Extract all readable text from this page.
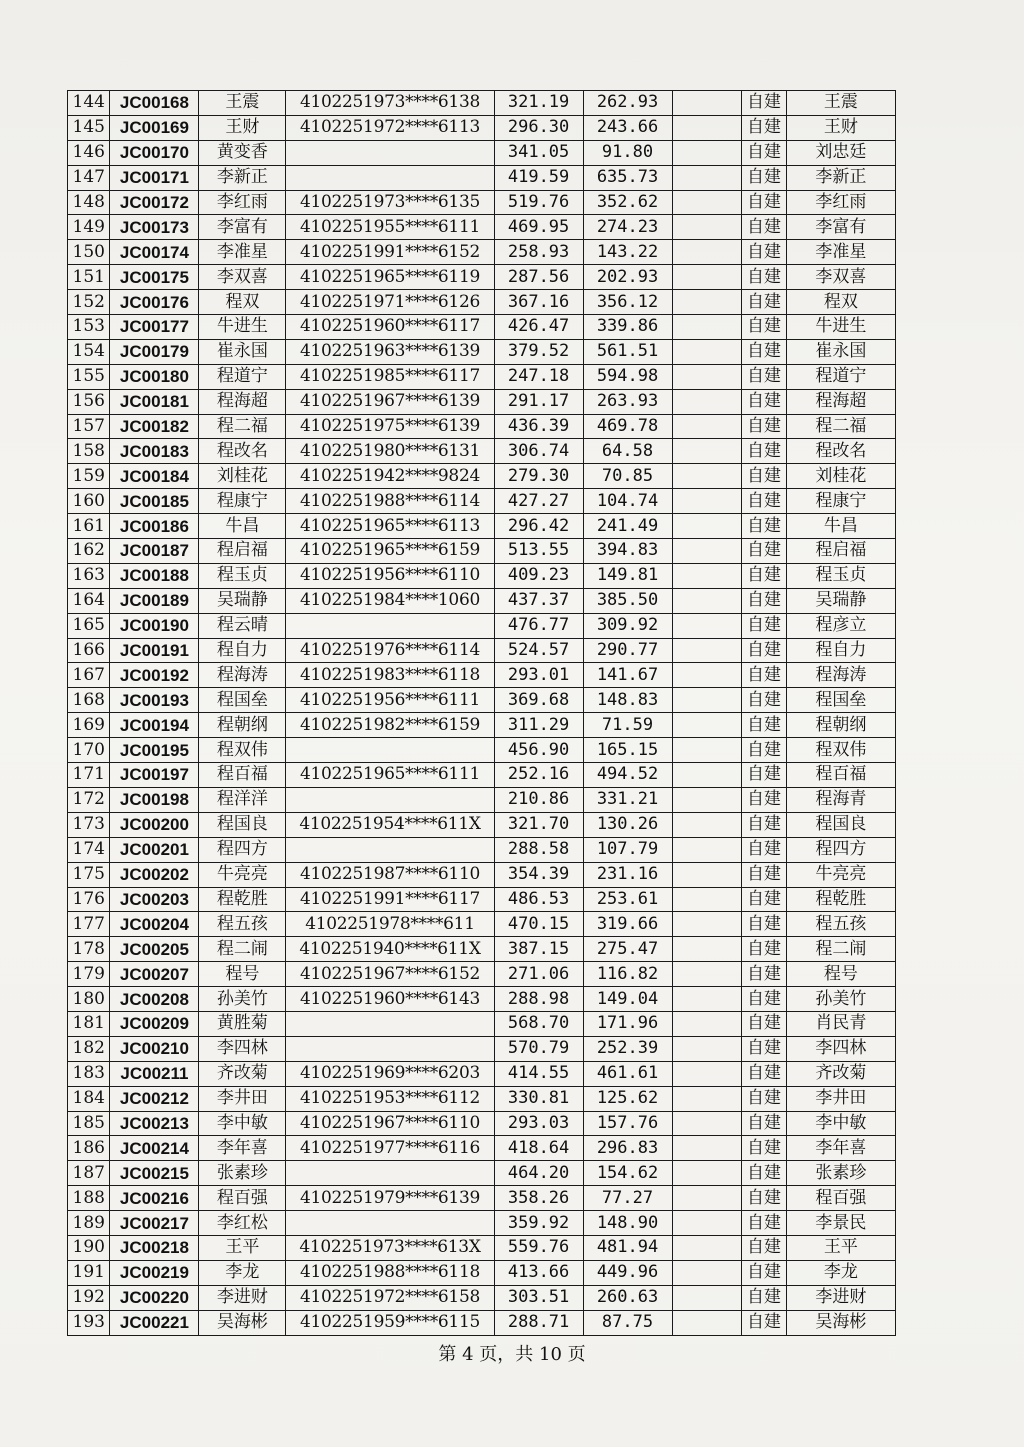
144	JC00168	王震	4102251973****6138	321.19	262.93		自建	王震
145	JC00169	王财	4102251972****6113	296.30	243.66		自建	王财
146	JC00170	黄变香		341.05	91.80		自建	刘忠廷
147	JC00171	李新正		419.59	635.73		自建	李新正
148	JC00172	李红雨	4102251973****6135	519.76	352.62		自建	李红雨
149	JC00173	李富有	4102251955****6111	469.95	274.23		自建	李富有
150	JC00174	李准星	4102251991****6152	258.93	143.22		自建	李准星
151	JC00175	李双喜	4102251965****6119	287.56	202.93		自建	李双喜
152	JC00176	程双	4102251971****6126	367.16	356.12		自建	程双
153	JC00177	牛进生	4102251960****6117	426.47	339.86		自建	牛进生
154	JC00179	崔永国	4102251963****6139	379.52	561.51		自建	崔永国
155	JC00180	程道宁	4102251985****6117	247.18	594.98		自建	程道宁
156	JC00181	程海超	4102251967****6139	291.17	263.93		自建	程海超
157	JC00182	程二福	4102251975****6139	436.39	469.78		自建	程二福
158	JC00183	程改名	4102251980****6131	306.74	64.58		自建	程改名
159	JC00184	刘桂花	4102251942****9824	279.30	70.85		自建	刘桂花
160	JC00185	程康宁	4102251988****6114	427.27	104.74		自建	程康宁
161	JC00186	牛昌	4102251965****6113	296.42	241.49		自建	牛昌
162	JC00187	程启福	4102251965****6159	513.55	394.83		自建	程启福
163	JC00188	程玉贞	4102251956****6110	409.23	149.81		自建	程玉贞
164	JC00189	吴瑞静	4102251984****1060	437.37	385.50		自建	吴瑞静
165	JC00190	程云晴		476.77	309.92		自建	程彦立
166	JC00191	程自力	4102251976****6114	524.57	290.77		自建	程自力
167	JC00192	程海涛	4102251983****6118	293.01	141.67		自建	程海涛
168	JC00193	程国垒	4102251956****6111	369.68	148.83		自建	程国垒
169	JC00194	程朝纲	4102251982****6159	311.29	71.59		自建	程朝纲
170	JC00195	程双伟		456.90	165.15		自建	程双伟
171	JC00197	程百福	4102251965****6111	252.16	494.52		自建	程百福
172	JC00198	程洋洋		210.86	331.21		自建	程海青
173	JC00200	程国良	4102251954****611X	321.70	130.26		自建	程国良
174	JC00201	程四方		288.58	107.79		自建	程四方
175	JC00202	牛亮亮	4102251987****6110	354.39	231.16		自建	牛亮亮
176	JC00203	程乾胜	4102251991****6117	486.53	253.61		自建	程乾胜
177	JC00204	程五孩	4102251978****611	470.15	319.66		自建	程五孩
178	JC00205	程二闹	4102251940****611X	387.15	275.47		自建	程二闹
179	JC00207	程号	4102251967****6152	271.06	116.82		自建	程号
180	JC00208	孙美竹	4102251960****6143	288.98	149.04		自建	孙美竹
181	JC00209	黄胜菊		568.70	171.96		自建	肖民青
182	JC00210	李四林		570.79	252.39		自建	李四林
183	JC00211	齐改菊	4102251969****6203	414.55	461.61		自建	齐改菊
184	JC00212	李井田	4102251953****6112	330.81	125.62		自建	李井田
185	JC00213	李中敏	4102251967****6110	293.03	157.76		自建	李中敏
186	JC00214	李年喜	4102251977****6116	418.64	296.83		自建	李年喜
187	JC00215	张素珍		464.20	154.62		自建	张素珍
188	JC00216	程百强	4102251979****6139	358.26	77.27		自建	程百强
189	JC00217	李红松		359.92	148.90		自建	李景民
190	JC00218	王平	4102251973****613X	559.76	481.94		自建	王平
191	JC00219	李龙	4102251988****6118	413.66	449.96		自建	李龙
192	JC00220	李进财	4102251972****6158	303.51	260.63		自建	李进财
193	JC00221	吴海彬	4102251959****6115	288.71	87.75		自建	吴海彬
第 4 页，共 10 页
